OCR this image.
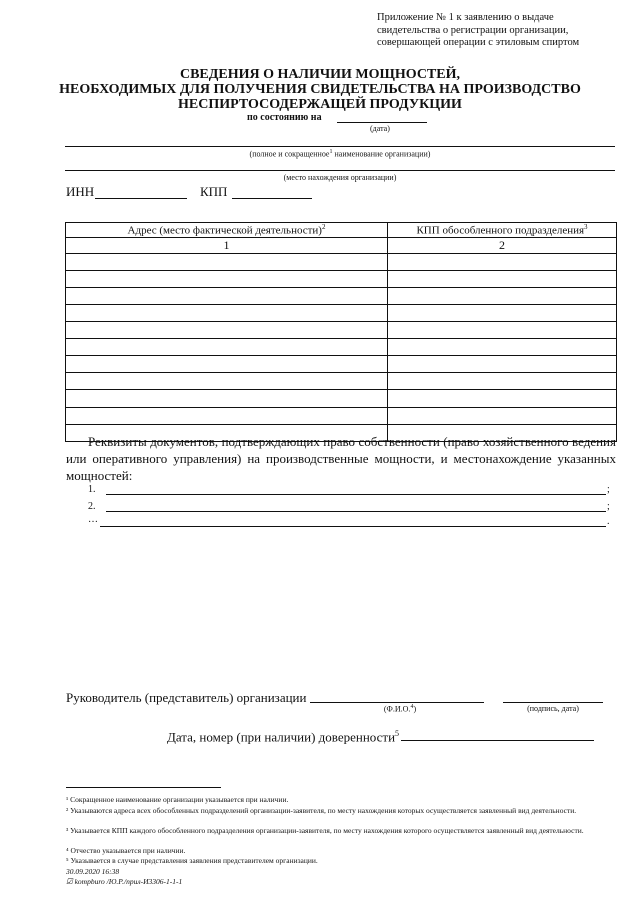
Приложение № 1 к заявлению о выдаче
свидетельства о регистрации организации,
совершающей операции с этиловым спиртом
СВЕДЕНИЯ О НАЛИЧИИ МОЩНОСТЕЙ,
НЕОБХОДИМЫХ ДЛЯ ПОЛУЧЕНИЯ СВИДЕТЕЛЬСТВА НА ПРОИЗВОДСТВО
НЕСПИРТОСОДЕРЖАЩЕЙ ПРОДУКЦИИ
по состоянию на
(дата)
(полное и сокращенное$^1$ наименование организации)
(место нахождения организации)
ИНН	КПП
Адрес (место фактической деятельности)$^2$	КПП обособленного подразделения$^3$
1	2

Реквизиты документов, подтверждающих право собственности (право хозяйственного ведения или оперативного управления) на производственные мощности, и местонахождение указанных мощностей:
1.	;
2.	;
…	.
Руководитель (представитель) организации
(Ф.И.О.$^4$)	(подпись, дата)
Дата, номер (при наличии) доверенности$^5$
¹ Сокращенное наименование организации указывается при наличии.
² Указываются адреса всех обособленных подразделений организации-заявителя, по месту нахождения которых осуществляется заявленный вид деятельности.
³ Указывается КПП каждого обособленного подразделения организации-заявителя, по месту нахождения которого осуществляется заявленный вид деятельности.
⁴ Отчество указывается при наличии.
⁵ Указывается в случае представления заявления представителем организации.
30.09.2020 16:38
☑ kompburo /Ю.Р./прил-И3306-1-1-1
